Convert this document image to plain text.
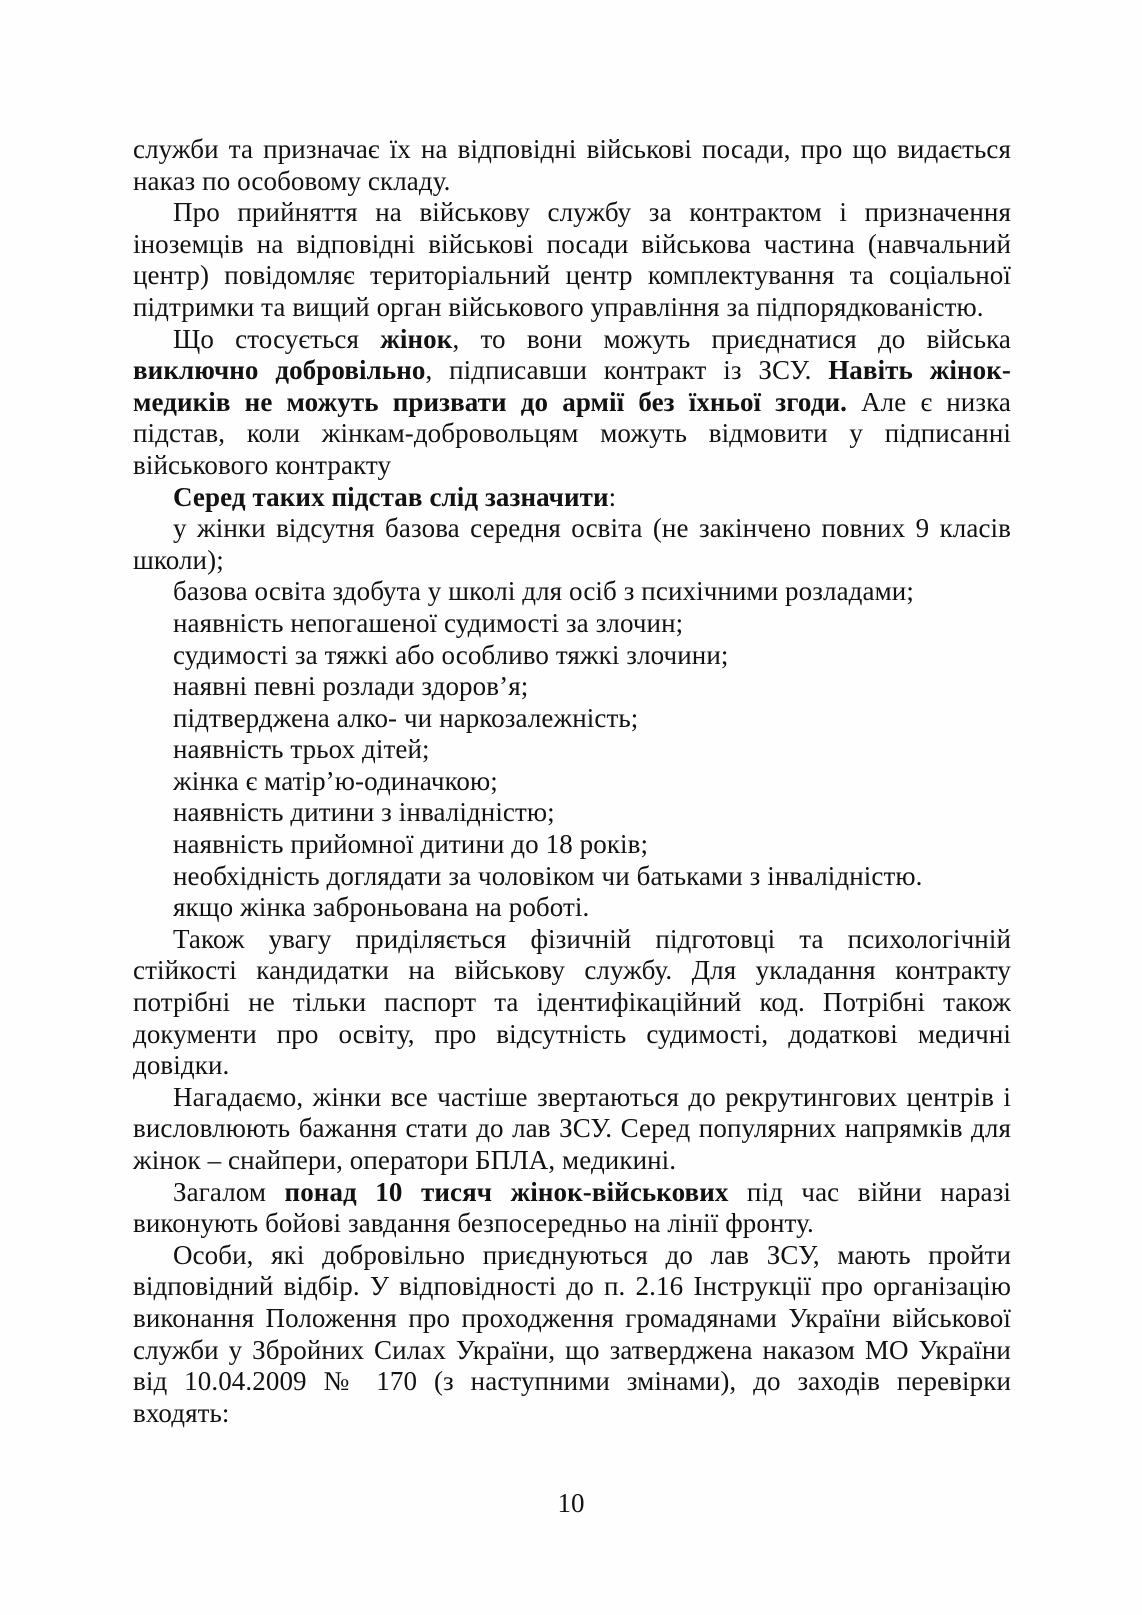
служби та призначає їх на відповідні військові посади, про що видається наказ по особовому складу.

Про прийняття на військову службу за контрактом і призначення іноземців на відповідні військові посади військова частина (навчальний центр) повідомляє територіальний центр комплектування та соціальної підтримки та вищий орган військового управління за підпорядкованістю.

Що стосується жінок, то вони можуть приєднатися до війська виключно добровільно, підписавши контракт із ЗСУ. Навіть жінок-медиків не можуть призвати до армії без їхньої згоди. Але є низка підстав, коли жінкам-добровольцям можуть відмовити у підписанні військового контракту

Серед таких підстав слід зазначити:

у жінки відсутня базова середня освіта (не закінчено повних 9 класів школи);

базова освіта здобута у школі для осіб з психічними розладами;

наявність непогашеної судимості за злочин;

судимості за тяжкі або особливо тяжкі злочини;

наявні певні розлади здоров’я;

підтверджена алко- чи наркозалежність;

наявність трьох дітей;

жінка є матір’ю-одиначкою;

наявність дитини з інвалідністю;

наявність прийомної дитини до 18 років;

необхідність доглядати за чоловіком чи батьками з інвалідністю.

якщо жінка заброньована на роботі.

Також увагу приділяється фізичній підготовці та психологічній стійкості кандидатки на військову службу. Для укладання контракту потрібні не тільки паспорт та ідентифікаційний код. Потрібні також документи про освіту, про відсутність судимості, додаткові медичні довідки.

Нагадаємо, жінки все частіше звертаються до рекрутингових центрів і висловлюють бажання стати до лав ЗСУ. Серед популярних напрямків для жінок – снайпери, оператори БПЛА, медикині.

Загалом понад 10 тисяч жінок-військових під час війни наразі виконують бойові завдання безпосередньо на лінії фронту.

Особи, які добровільно приєднуються до лав ЗСУ, мають пройти відповідний відбір. У відповідності до п. 2.16 Інструкції про організацію виконання Положення про проходження громадянами України військової служби у Збройних Силах України, що затверджена наказом МО України від 10.04.2009 № 170 (з наступними змінами), до заходів перевірки входять:

10
